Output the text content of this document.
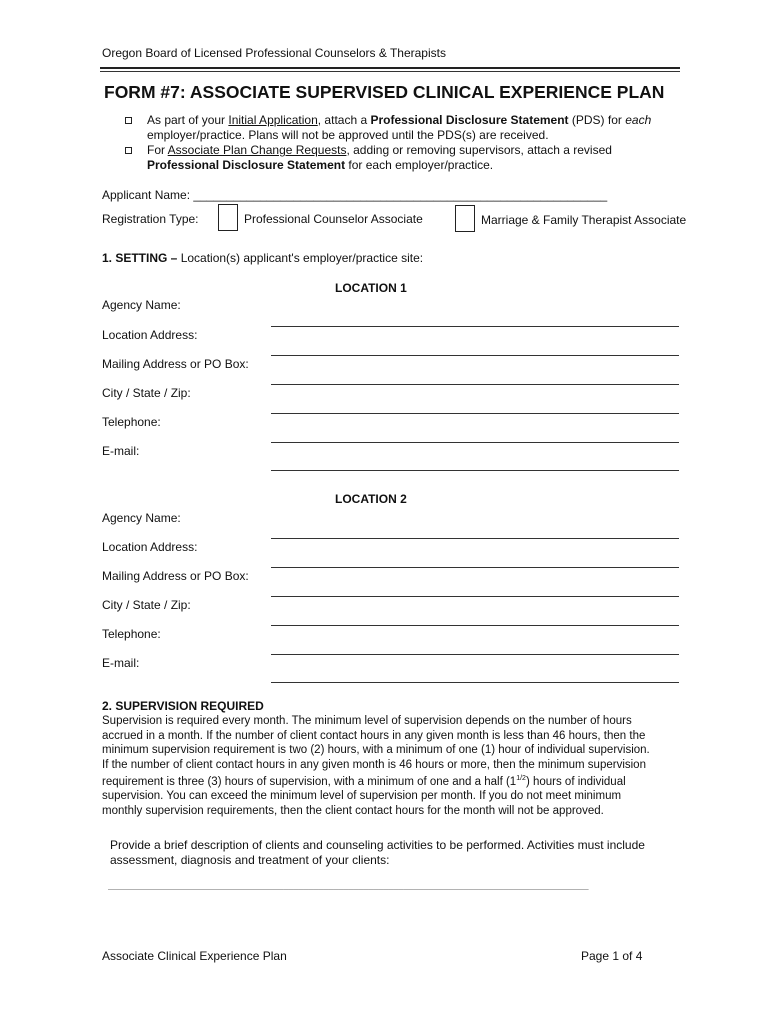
Oregon Board of Licensed Professional Counselors & Therapists
FORM #7: ASSOCIATE SUPERVISED CLINICAL EXPERIENCE PLAN
As part of your Initial Application, attach a Professional Disclosure Statement (PDS) for each
employer/practice. Plans will not be approved until the PDS(s) are received.
For Associate Plan Change Requests, adding or removing supervisors, attach a revised
Professional Disclosure Statement for each employer/practice.
Applicant Name: ______________________________________________________________
Registration Type:	Professional Counselor Associate	Marriage & Family Therapist Associate
1. SETTING – Location(s) applicant's employer/practice site:
LOCATION 1
Agency Name:
Location Address:
Mailing Address or PO Box:
City / State / Zip:
Telephone:
E-mail:
LOCATION 2
Agency Name:
Location Address:
Mailing Address or PO Box:
City / State / Zip:
Telephone:
E-mail:
2. SUPERVISION REQUIRED
Supervision is required every month. The minimum level of supervision depends on the number of hours
accrued in a month. If the number of client contact hours in any given month is less than 46 hours, then the
minimum supervision requirement is two (2) hours, with a minimum of one (1) hour of individual supervision.
If the number of client contact hours in any given month is 46 hours or more, then the minimum supervision
requirement is three (3) hours of supervision, with a minimum of one and a half $(1^{1/2})$ hours of individual
supervision. You can exceed the minimum level of supervision per month. If you do not meet minimum
monthly supervision requirements, then the client contact hours for the month will not be approved.
Provide a brief description of clients and counseling activities to be performed. Activities must include
assessment, diagnosis and treatment of your clients:
________________________________________________________________________________________________
Associate Clinical Experience Plan	Page 1 of 4
